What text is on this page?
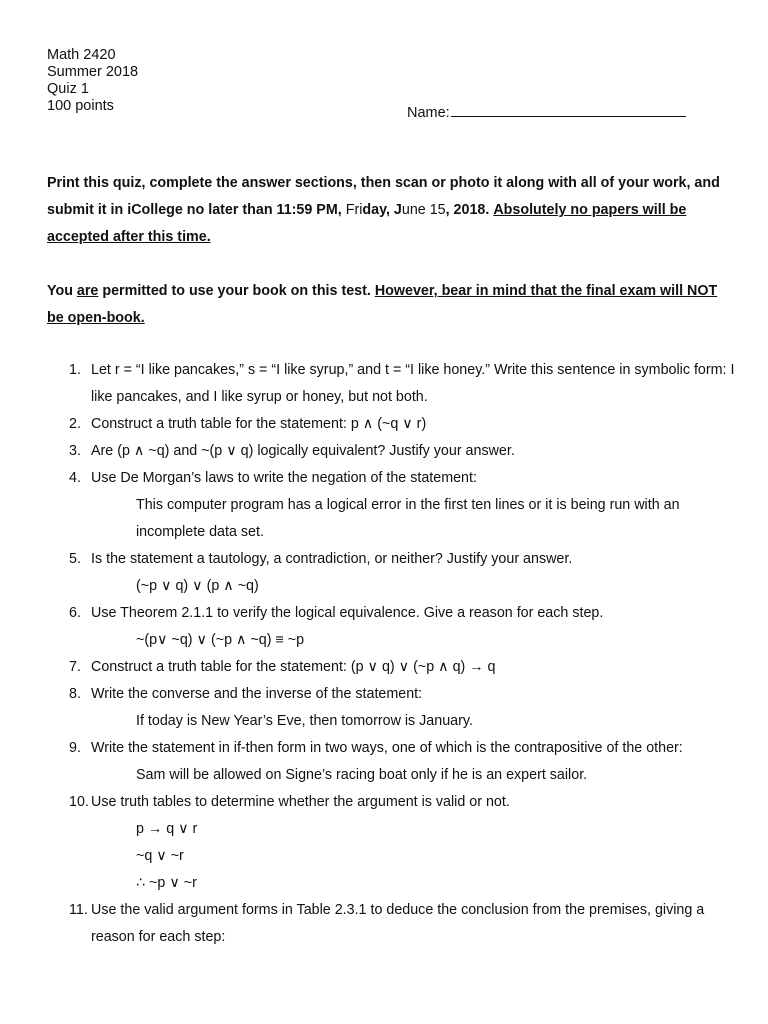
Math 2420
Summer 2018
Quiz 1
100 points	Name:
Print this quiz, complete the answer sections, then scan or photo it along with all of your work, and submit it in iCollege no later than 11:59 PM, Friday, June 15, 2018. Absolutely no papers will be accepted after this time.
You are permitted to use your book on this test. However, bear in mind that the final exam will NOT be open-book.
1. Let r = “I like pancakes,” s = “I like syrup,” and t = “I like honey.” Write this sentence in symbolic form: I like pancakes, and I like syrup or honey, but not both.
2. Construct a truth table for the statement: p ∧ (~q ∨ r)
3. Are (p ∧ ~q) and ~(p ∨ q) logically equivalent? Justify your answer.
4. Use De Morgan’s laws to write the negation of the statement:
This computer program has a logical error in the first ten lines or it is being run with an incomplete data set.
5. Is the statement a tautology, a contradiction, or neither? Justify your answer.
(~p ∨ q) ∨ (p ∧ ~q)
6. Use Theorem 2.1.1 to verify the logical equivalence. Give a reason for each step.
~(p∨ ~q) ∨ (~p ∧ ~q) ≡ ~p
7. Construct a truth table for the statement: (p ∨ q) ∨ (~p ∧ q) → q
8. Write the converse and the inverse of the statement:
If today is New Year’s Eve, then tomorrow is January.
9. Write the statement in if-then form in two ways, one of which is the contrapositive of the other:
Sam will be allowed on Signe’s racing boat only if he is an expert sailor.
10. Use truth tables to determine whether the argument is valid or not.
p → q ∨ r
~q ∨ ~r
∴ ~p ∨ ~r
11. Use the valid argument forms in Table 2.3.1 to deduce the conclusion from the premises, giving a reason for each step:
